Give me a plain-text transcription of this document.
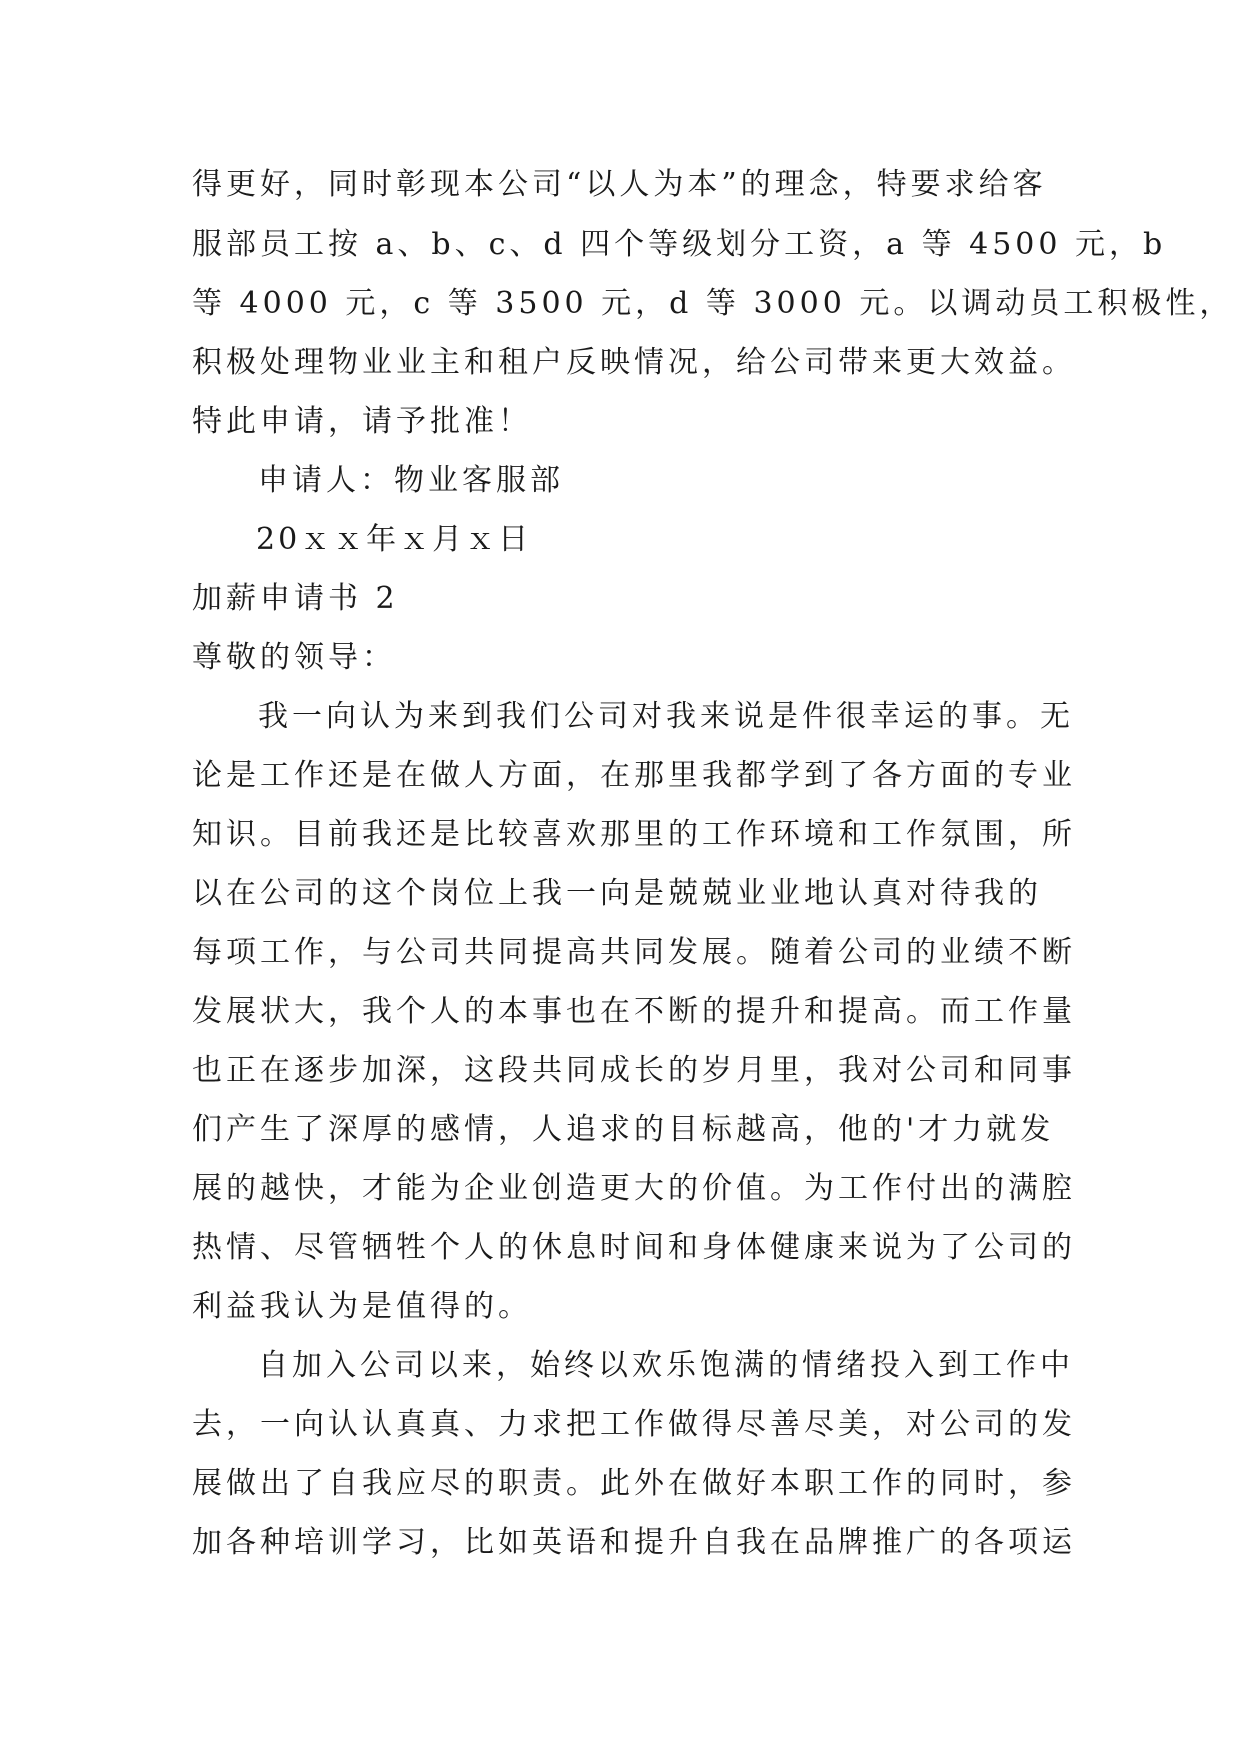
得更好，同时彰现本公司“以人为本”的理念，特要求给客
服部员工按 a、b、c、d 四个等级划分工资，a 等 4500 元，b
等 4000 元，c 等 3500 元，d 等 3000 元。以调动员工积极性，
积极处理物业业主和租户反映情况，给公司带来更大效益。
特此申请，请予批准！
申请人：物业客服部
20ｘｘ年ｘ月ｘ日
加薪申请书 2
尊敬的领导：
我一向认为来到我们公司对我来说是件很幸运的事。无
论是工作还是在做人方面，在那里我都学到了各方面的专业
知识。目前我还是比较喜欢那里的工作环境和工作氛围，所
以在公司的这个岗位上我一向是兢兢业业地认真对待我的
每项工作，与公司共同提高共同发展。随着公司的业绩不断
发展状大，我个人的本事也在不断的提升和提高。而工作量
也正在逐步加深，这段共同成长的岁月里，我对公司和同事
们产生了深厚的感情，人追求的目标越高，他的'才力就发
展的越快，才能为企业创造更大的价值。为工作付出的满腔
热情、尽管牺牲个人的休息时间和身体健康来说为了公司的
利益我认为是值得的。
自加入公司以来，始终以欢乐饱满的情绪投入到工作中
去，一向认认真真、力求把工作做得尽善尽美，对公司的发
展做出了自我应尽的职责。此外在做好本职工作的同时，参
加各种培训学习，比如英语和提升自我在品牌推广的各项运
